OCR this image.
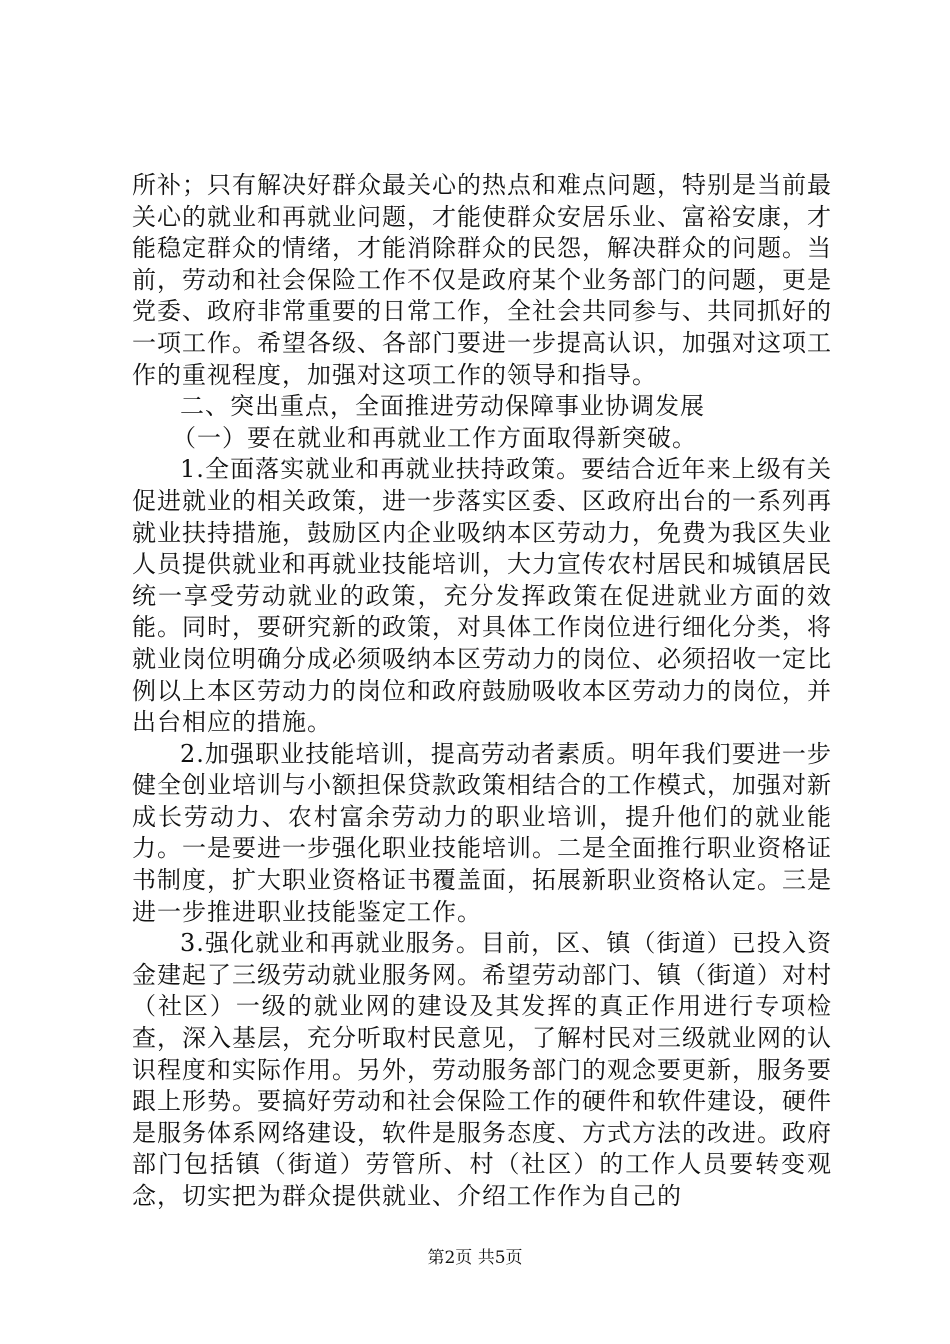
所补；只有解决好群众最关心的热点和难点问题，特别是当前最关心的就业和再就业问题，才能使群众安居乐业、富裕安康，才能稳定群众的情绪，才能消除群众的民怨，解决群众的问题。当前，劳动和社会保险工作不仅是政府某个业务部门的问题，更是党委、政府非常重要的日常工作，全社会共同参与、共同抓好的一项工作。希望各级、各部门要进一步提高认识，加强对这项工作的重视程度，加强对这项工作的领导和指导。

二、突出重点，全面推进劳动保障事业协调发展

（一）要在就业和再就业工作方面取得新突破。

1.全面落实就业和再就业扶持政策。要结合近年来上级有关促进就业的相关政策，进一步落实区委、区政府出台的一系列再就业扶持措施，鼓励区内企业吸纳本区劳动力，免费为我区失业人员提供就业和再就业技能培训，大力宣传农村居民和城镇居民统一享受劳动就业的政策，充分发挥政策在促进就业方面的效能。同时，要研究新的政策，对具体工作岗位进行细化分类，将就业岗位明确分成必须吸纳本区劳动力的岗位、必须招收一定比例以上本区劳动力的岗位和政府鼓励吸收本区劳动力的岗位，并出台相应的措施。

2.加强职业技能培训，提高劳动者素质。明年我们要进一步健全创业培训与小额担保贷款政策相结合的工作模式，加强对新成长劳动力、农村富余劳动力的职业培训，提升他们的就业能力。一是要进一步强化职业技能培训。二是全面推行职业资格证书制度，扩大职业资格证书覆盖面，拓展新职业资格认定。三是进一步推进职业技能鉴定工作。

3.强化就业和再就业服务。目前，区、镇（街道）已投入资金建起了三级劳动就业服务网。希望劳动部门、镇（街道）对村（社区）一级的就业网的建设及其发挥的真正作用进行专项检查，深入基层，充分听取村民意见，了解村民对三级就业网的认识程度和实际作用。另外，劳动服务部门的观念要更新，服务要跟上形势。要搞好劳动和社会保险工作的硬件和软件建设，硬件是服务体系网络建设，软件是服务态度、方式方法的改进。政府部门包括镇（街道）劳管所、村（社区）的工作人员要转变观念，切实把为群众提供就业、介绍工作作为自己的

第2页 共5页
